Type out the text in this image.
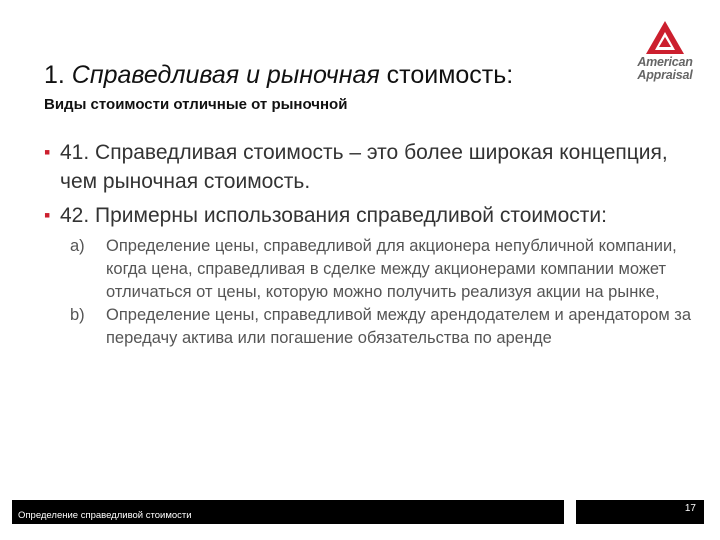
1. Справедливая и рыночная стоимость:
Виды стоимости отличные от рыночной
American
Appraisal
▪ 41. Справедливая стоимость – это более широкая концепция, чем рыночная стоимость.
▪ 42. Примерны использования справедливой стоимости:
a)	Определение цены, справедливой для акционера непубличной компании, когда цена, справедливая в сделке между акционерами компании может отличаться от цены, которую можно получить реализуя акции на рынке,
b)	Определение цены, справедливой между арендодателем и арендатором за передачу актива или погашение обязательства по аренде
Определение справедливой стоимости
17
